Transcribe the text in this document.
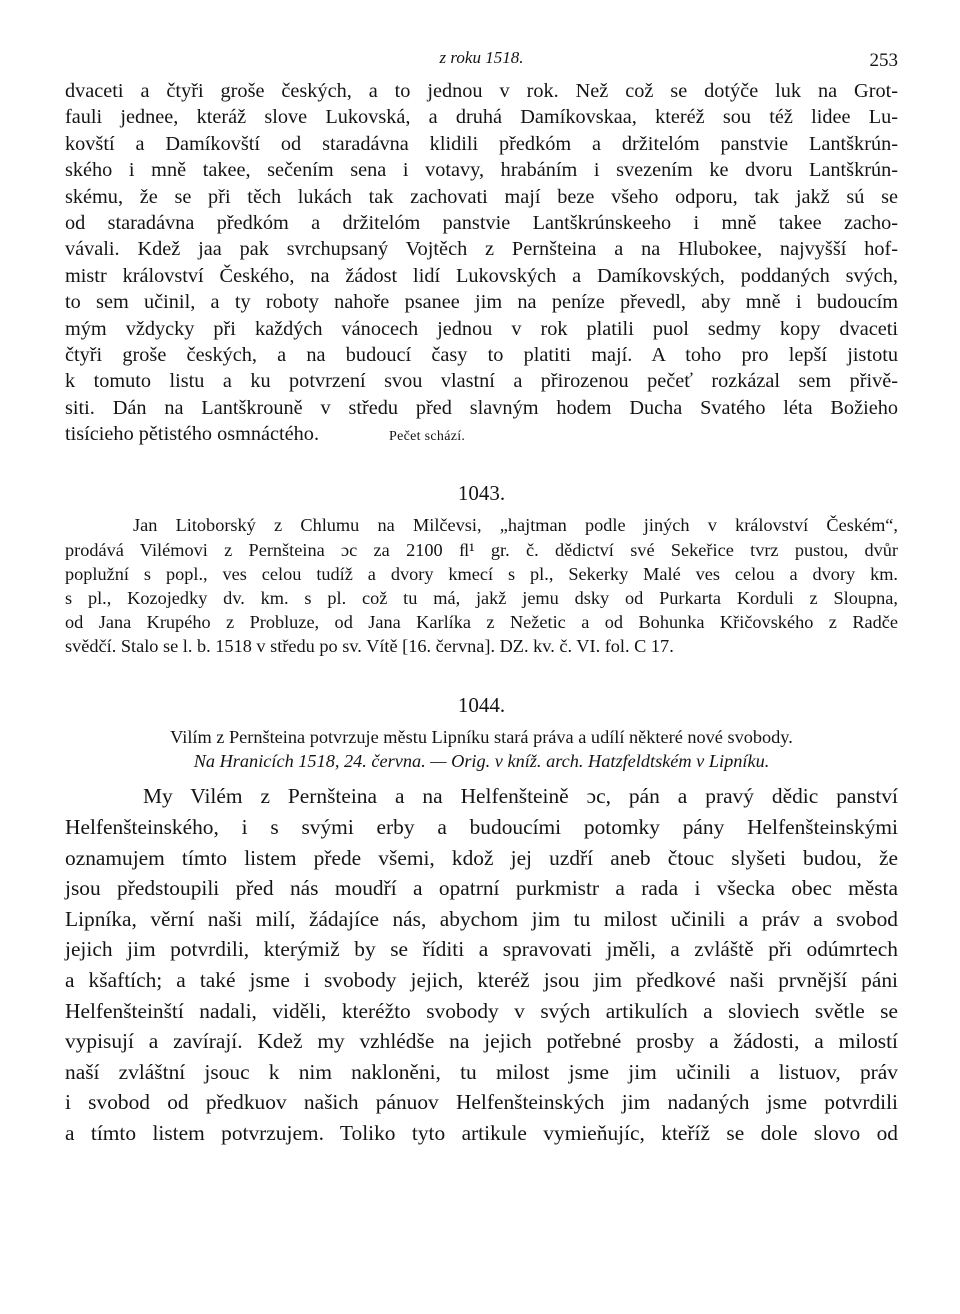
z roku 1518.	253
dvaceti a čtyři groše českých, a to jednou v rok. Než což se dotýče luk na Grot-
fauli jednee, kteráž slove Lukovská, a druhá Damíkovskaa, kteréž sou též lidee Lu-
kovští a Damíkovští od staradávna klidili předkóm a držitelóm panstvie Lantškrún-
ského i mně takee, sečením sena i votavy, hrabáním i svezením ke dvoru Lantškrún-
skému, že se při těch lukách tak zachovati mají beze všeho odporu, tak jakž sú se
od staradávna předkóm a držitelóm panstvie Lantškrúnskeeho i mně takee zacho-
vávali. Kdež jaa pak svrchupsaný Vojtěch z Pernšteina a na Hlubokee, najvyšší hof-
mistr království Českého, na žádost lidí Lukovských a Damíkovských, poddaných svých,
to sem učinil, a ty roboty nahoře psanee jim na peníze převedl, aby mně i budoucím
mým vždycky při každých vánocech jednou v rok platili puol sedmy kopy dvaceti
čtyři groše českých, a na budoucí časy to platiti mají. A toho pro lepší jistotu
k tomuto listu a ku potvrzení svou vlastní a přirozenou pečeť rozkázal sem přivě-
siti. Dán na Lantškrouně v středu před slavným hodem Ducha Svatého léta Božieho
tisícieho pětistého osmnáctého.	Pečet schází.
1043.
Jan Litoborský z Chlumu na Milčevsi, „hajtman podle jiných v království Českém“,
prodává Vilémovi z Pernšteina ɔc za 2100 ﬂ¹ gr. č. dědictví své Sekeřice tvrz pustou, dvůr
poplužní s popl., ves celou tudíž a dvory kmecí s pl., Sekerky Malé ves celou a dvory km.
s pl., Kozojedky dv. km. s pl. což tu má, jakž jemu dsky od Purkarta Korduli z Sloupna,
od Jana Krupého z Probluze, od Jana Karlíka z Nežetic a od Bohunka Křičovského z Radče
svědčí. Stalo se l. b. 1518 v středu po sv. Vítě [16. června]. DZ. kv. č. VI. fol. C 17.
1044.
Vilím z Pernšteina potvrzuje městu Lipníku stará práva a udílí některé nové svobody.
Na Hranicích 1518, 24. června. — Orig. v kníž. arch. Hatzfeldtském v Lipníku.
My Vilém z Pernšteina a na Helfenšteině ɔc, pán a pravý dědic panství
Helfenšteinského, i s svými erby a budoucími potomky pány Helfenšteinskými
oznamujem tímto listem přede všemi, kdož jej uzdří aneb čtouc slyšeti budou, že
jsou předstoupili před nás moudří a opatrní purkmistr a rada i všecka obec města
Lipníka, věrní naši milí, žádajíce nás, abychom jim tu milost učinili a práv a svobod
jejich jim potvrdili, kterýmiž by se říditi a spravovati jměli, a zvláště při odúmrtech
a kšaftích; a také jsme i svobody jejich, kteréž jsou jim předkové naši prvnější páni
Helfenšteinští nadali, viděli, kteréžto svobody v svých artikulích a sloviech světle se
vypisují a zavírají. Kdež my vzhlédše na jejich potřebné prosby a žádosti, a milostí
naší zvláštní jsouc k nim nakloněni, tu milost jsme jim učinili a listuov, práv
i svobod od předkuov našich pánuov Helfenšteinských jim nadaných jsme potvrdili
a tímto listem potvrzujem. Toliko tyto artikule vymieňujíc, kteříž se dole slovo od
